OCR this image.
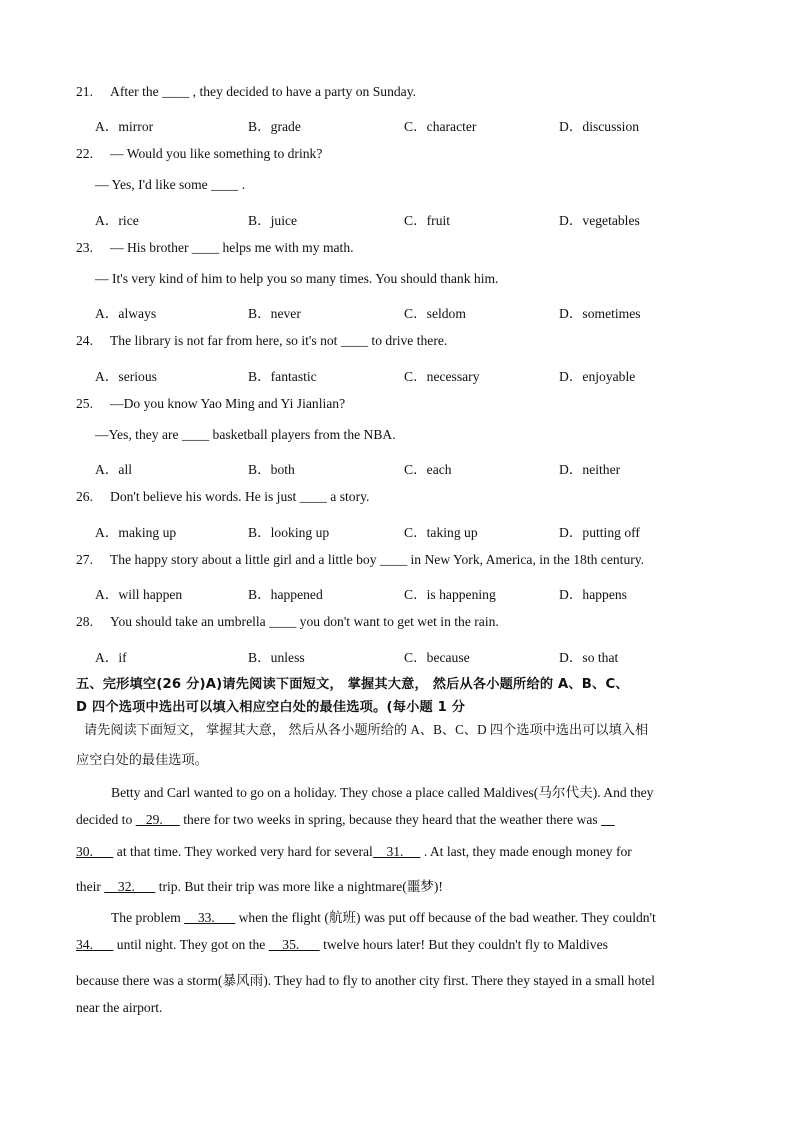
21. After the ____ , they decided to have a party on Sunday.
A．mirror	B．grade	C．character	D．discussion
22. — Would you like something to drink?
— Yes, I'd like some ____ .
A．rice	B．juice	C．fruit	D．vegetables
23. — His brother ____ helps me with my math.
— It's very kind of him to help you so many times. You should thank him.
A．always	B．never	C．seldom	D．sometimes
24. The library is not far from here, so it's not ____ to drive there.
A．serious	B．fantastic	C．necessary	D．enjoyable
25. —Do you know Yao Ming and Yi Jianlian?
—Yes, they are ____ basketball players from the NBA.
A．all	B．both	C．each	D．neither
26. Don't believe his words. He is just ____ a story.
A．making up	B．looking up	C．taking up	D．putting off
27. The happy story about a little girl and a little boy ____ in New York, America, in the 18th century.
A．will happen	B．happened	C．is happening	D．happens
28. You should take an umbrella ____ you don't want to get wet in the rain.
A．if	B．unless	C．because	D．so that
五、完形填空(26 分)A)请先阅读下面短文， 掌握其大意， 然后从各小题所给的 A、B、C、
D 四个选项中选出可以填入相应空白处的最佳选项。(每小题 1 分
请先阅读下面短文， 掌握其大意， 然后从各小题所给的 A、B、C、D 四个选项中选出可以填入相
应空白处的最佳选项。
Betty and Carl wanted to go on a holiday. They chose a place called Maldives(马尔代夫). And they
decided to    29.      there for two weeks in spring, because they heard that the weather there was
30.       at that time. They worked very hard for several    31.      . At last, they made enough money for
their     32.       trip. But their trip was more like a nightmare(噩梦)!
The problem     33.       when the flight (航班) was put off because of the bad weather. They couldn't
34.       until night. They got on the     35.       twelve hours later! But they couldn't fly to Maldives
because there was a storm(暴风雨). They had to fly to another city first. There they stayed in a small hotel
near the airport.
